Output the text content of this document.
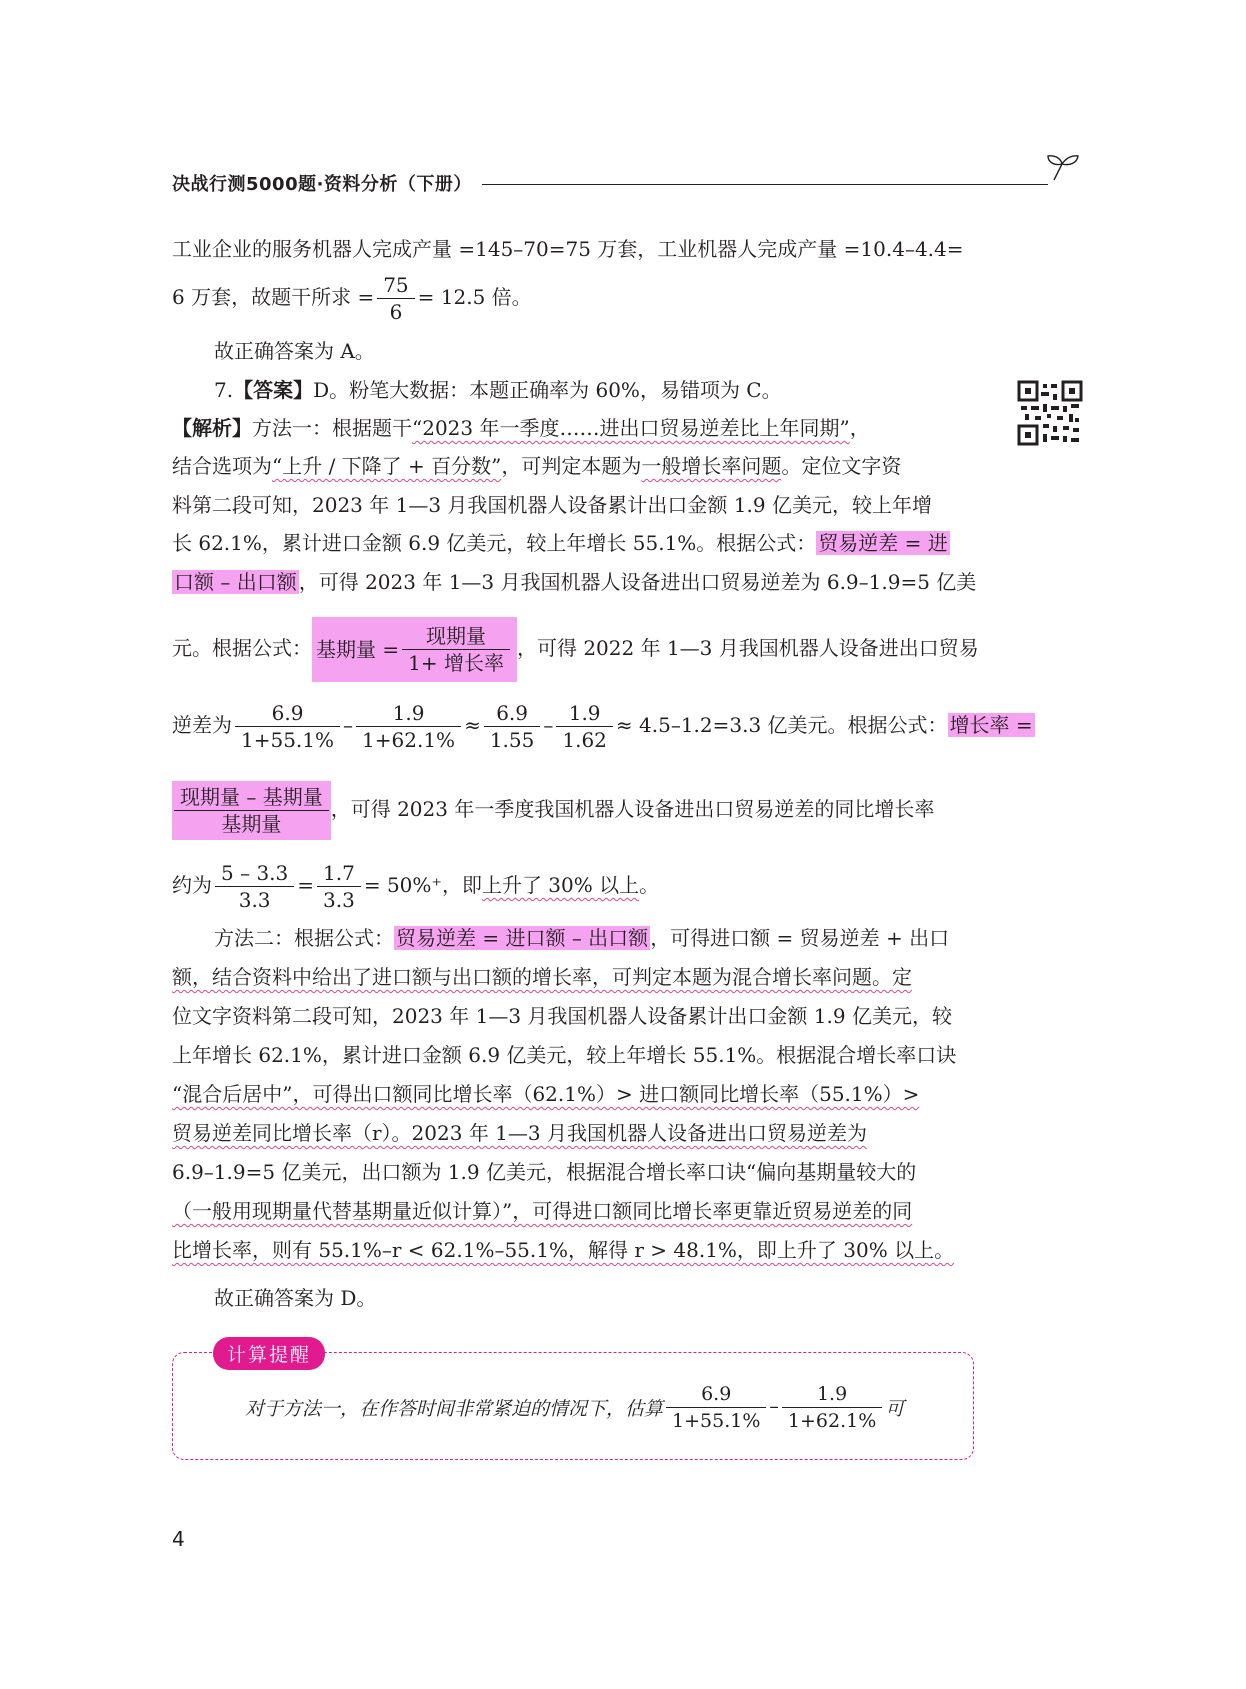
决战行测5000题·资料分析（下册）
工业企业的服务机器人完成产量 =145–70=75 万套，工业机器人完成产量 =10.4–4.4=
6 万套，故题干所求 = $\frac{75}{6} = 12.5$ 倍。
故正确答案为 A。
7.【答案】D。粉笔大数据：本题正确率为 60%，易错项为 C。
【解析】方法一：根据题干“2023 年一季度……进出口贸易逆差比上年同期”，
结合选项为“上升 / 下降了 + 百分数”，可判定本题为一般增长率问题。定位文字资
料第二段可知，2023 年 1—3 月我国机器人设备累计出口金额 1.9 亿美元，较上年增
长 62.1%，累计进口金额 6.9 亿美元，较上年增长 55.1%。根据公式： 贸易逆差 = 进
口额 – 出口额 ，可得 2023 年 1—3 月我国机器人设备进出口贸易逆差为 6.9–1.9=5 亿美
元。根据公式： 基期量 = $\frac{\text{现期量}}{\text{1+ 增长率}}$ ，可得 2022 年 1—3 月我国机器人设备进出口贸易
逆差为 $\frac{6.9}{1+55.1\%} - \frac{1.9}{1+62.1\%} \approx \frac{6.9}{1.55} - \frac{1.9}{1.62} \approx 4.5-1.2=3.3$ 亿美元。根据公式： 增长率 =
$\frac{\text{现期量 – 基期量}}{\text{基期量}}$ ，可得 2023 年一季度我国机器人设备进出口贸易逆差的同比增长率
约为 $\frac{5 - 3.3}{3.3} = \frac{1.7}{3.3} = 50\%^+$，即上升了 30% 以上。
方法二：根据公式： 贸易逆差 = 进口额 – 出口额 ，可得进口额 = 贸易逆差 + 出口
额，结合资料中给出了进口额与出口额的增长率，可判定本题为混合增长率问题。定
位文字资料第二段可知，2023 年 1—3 月我国机器人设备累计出口金额 1.9 亿美元，较
上年增长 62.1%，累计进口金额 6.9 亿美元，较上年增长 55.1%。根据混合增长率口诀
“混合后居中”，可得出口额同比增长率（62.1%）> 进口额同比增长率（55.1%）>
贸易逆差同比增长率（r）。2023 年 1—3 月我国机器人设备进出口贸易逆差为
6.9–1.9=5 亿美元，出口额为 1.9 亿美元，根据混合增长率口诀“偏向基期量较大的
（一般用现期量代替基期量近似计算）”，可得进口额同比增长率更靠近贸易逆差的同
比增长率，则有 55.1%–r < 62.1%–55.1%，解得 r > 48.1%，即上升了 30% 以上。
故正确答案为 D。
计算提醒
对于方法一，在作答时间非常紧迫的情况下，估算 $\frac{6.9}{1+55.1\%} - \frac{1.9}{1+62.1\%}$ 可
4
